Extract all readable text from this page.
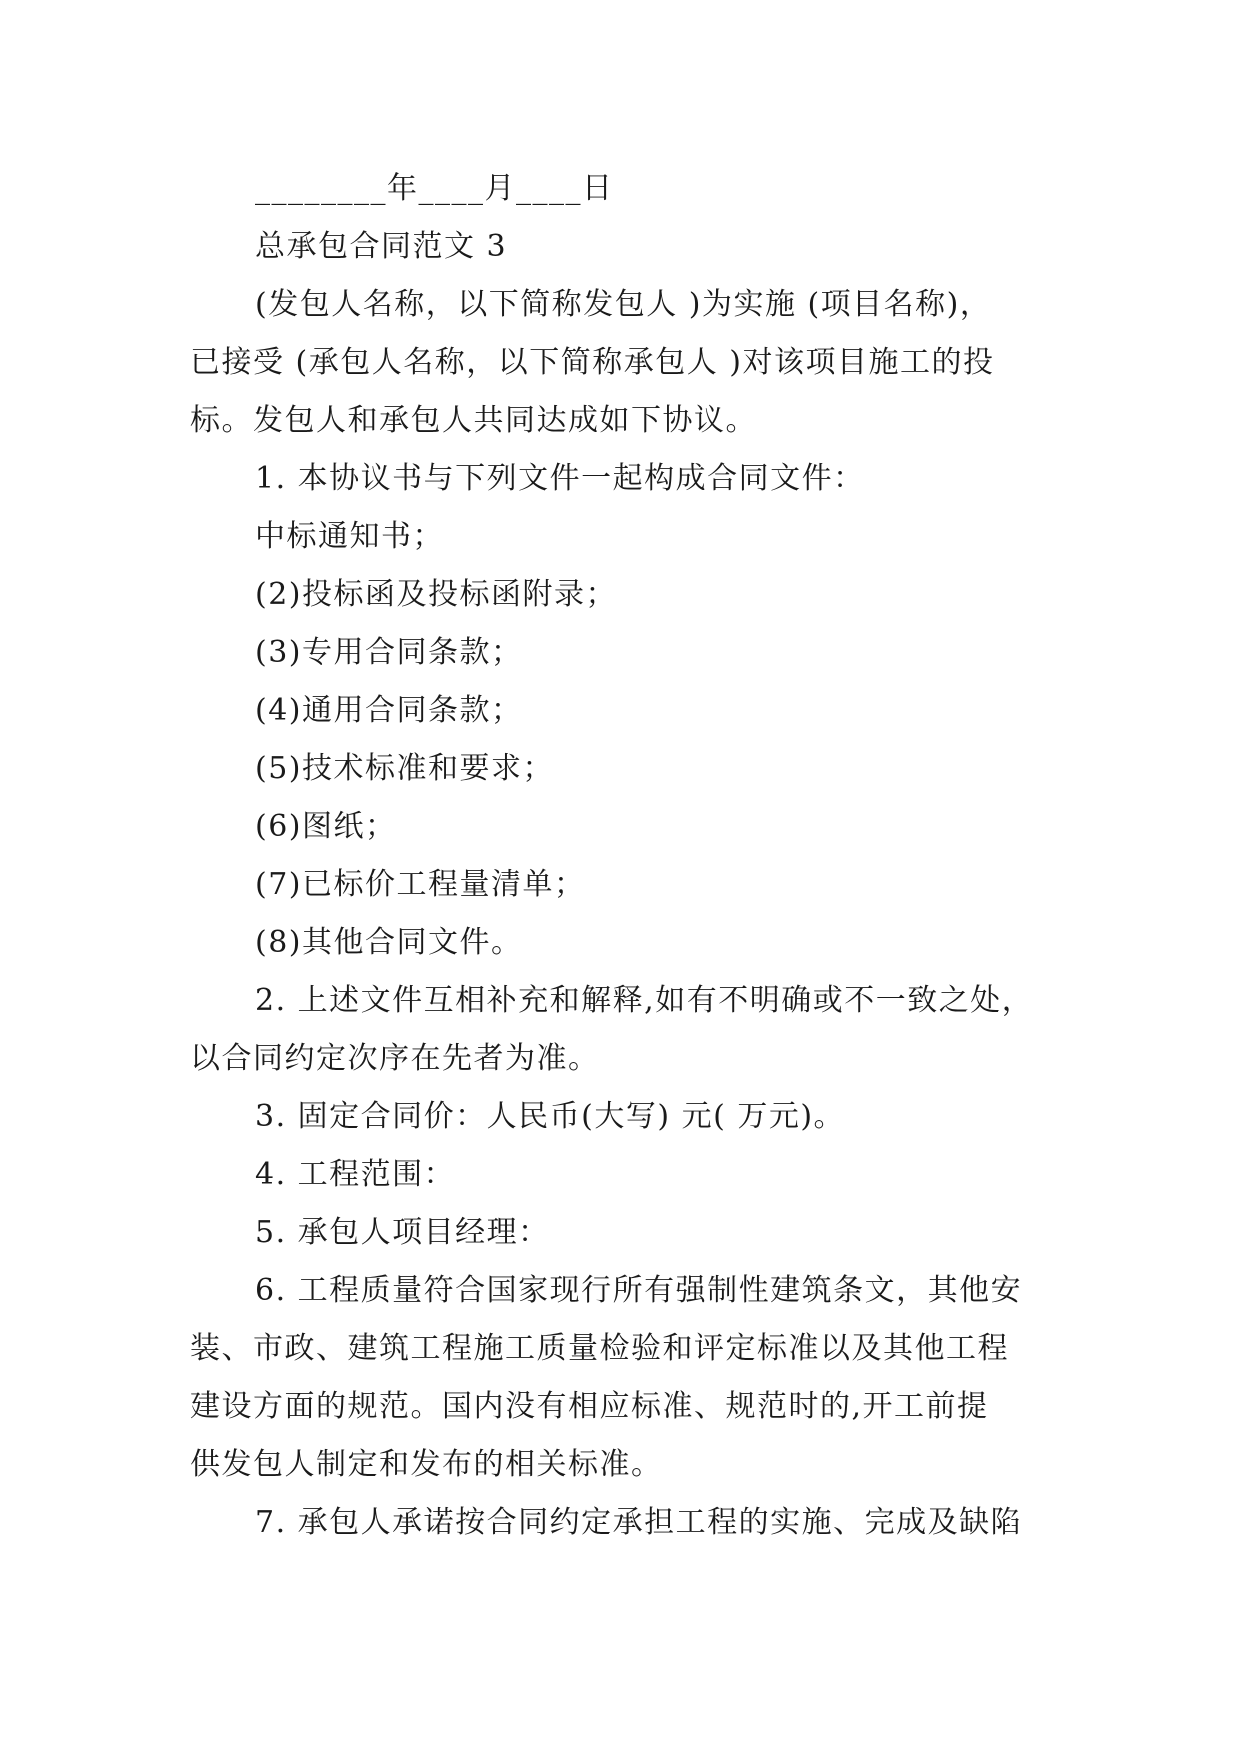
________年____月____日
总承包合同范文 3
(发包人名称，以下简称发包人 )为实施 (项目名称)，
已接受 (承包人名称，以下简称承包人 )对该项目施工的投
标。发包人和承包人共同达成如下协议。
1. 本协议书与下列文件一起构成合同文件：
中标通知书；
(2)投标函及投标函附录；
(3)专用合同条款；
(4)通用合同条款；
(5)技术标准和要求；
(6)图纸；
(7)已标价工程量清单；
(8)其他合同文件。
2. 上述文件互相补充和解释,如有不明确或不一致之处，
以合同约定次序在先者为准。
3. 固定合同价：人民币(大写) 元( 万元)。
4. 工程范围：
5. 承包人项目经理：
6. 工程质量符合国家现行所有强制性建筑条文，其他安
装、市政、建筑工程施工质量检验和评定标准以及其他工程
建设方面的规范。国内没有相应标准、规范时的,开工前提
供发包人制定和发布的相关标准。
7. 承包人承诺按合同约定承担工程的实施、完成及缺陷
